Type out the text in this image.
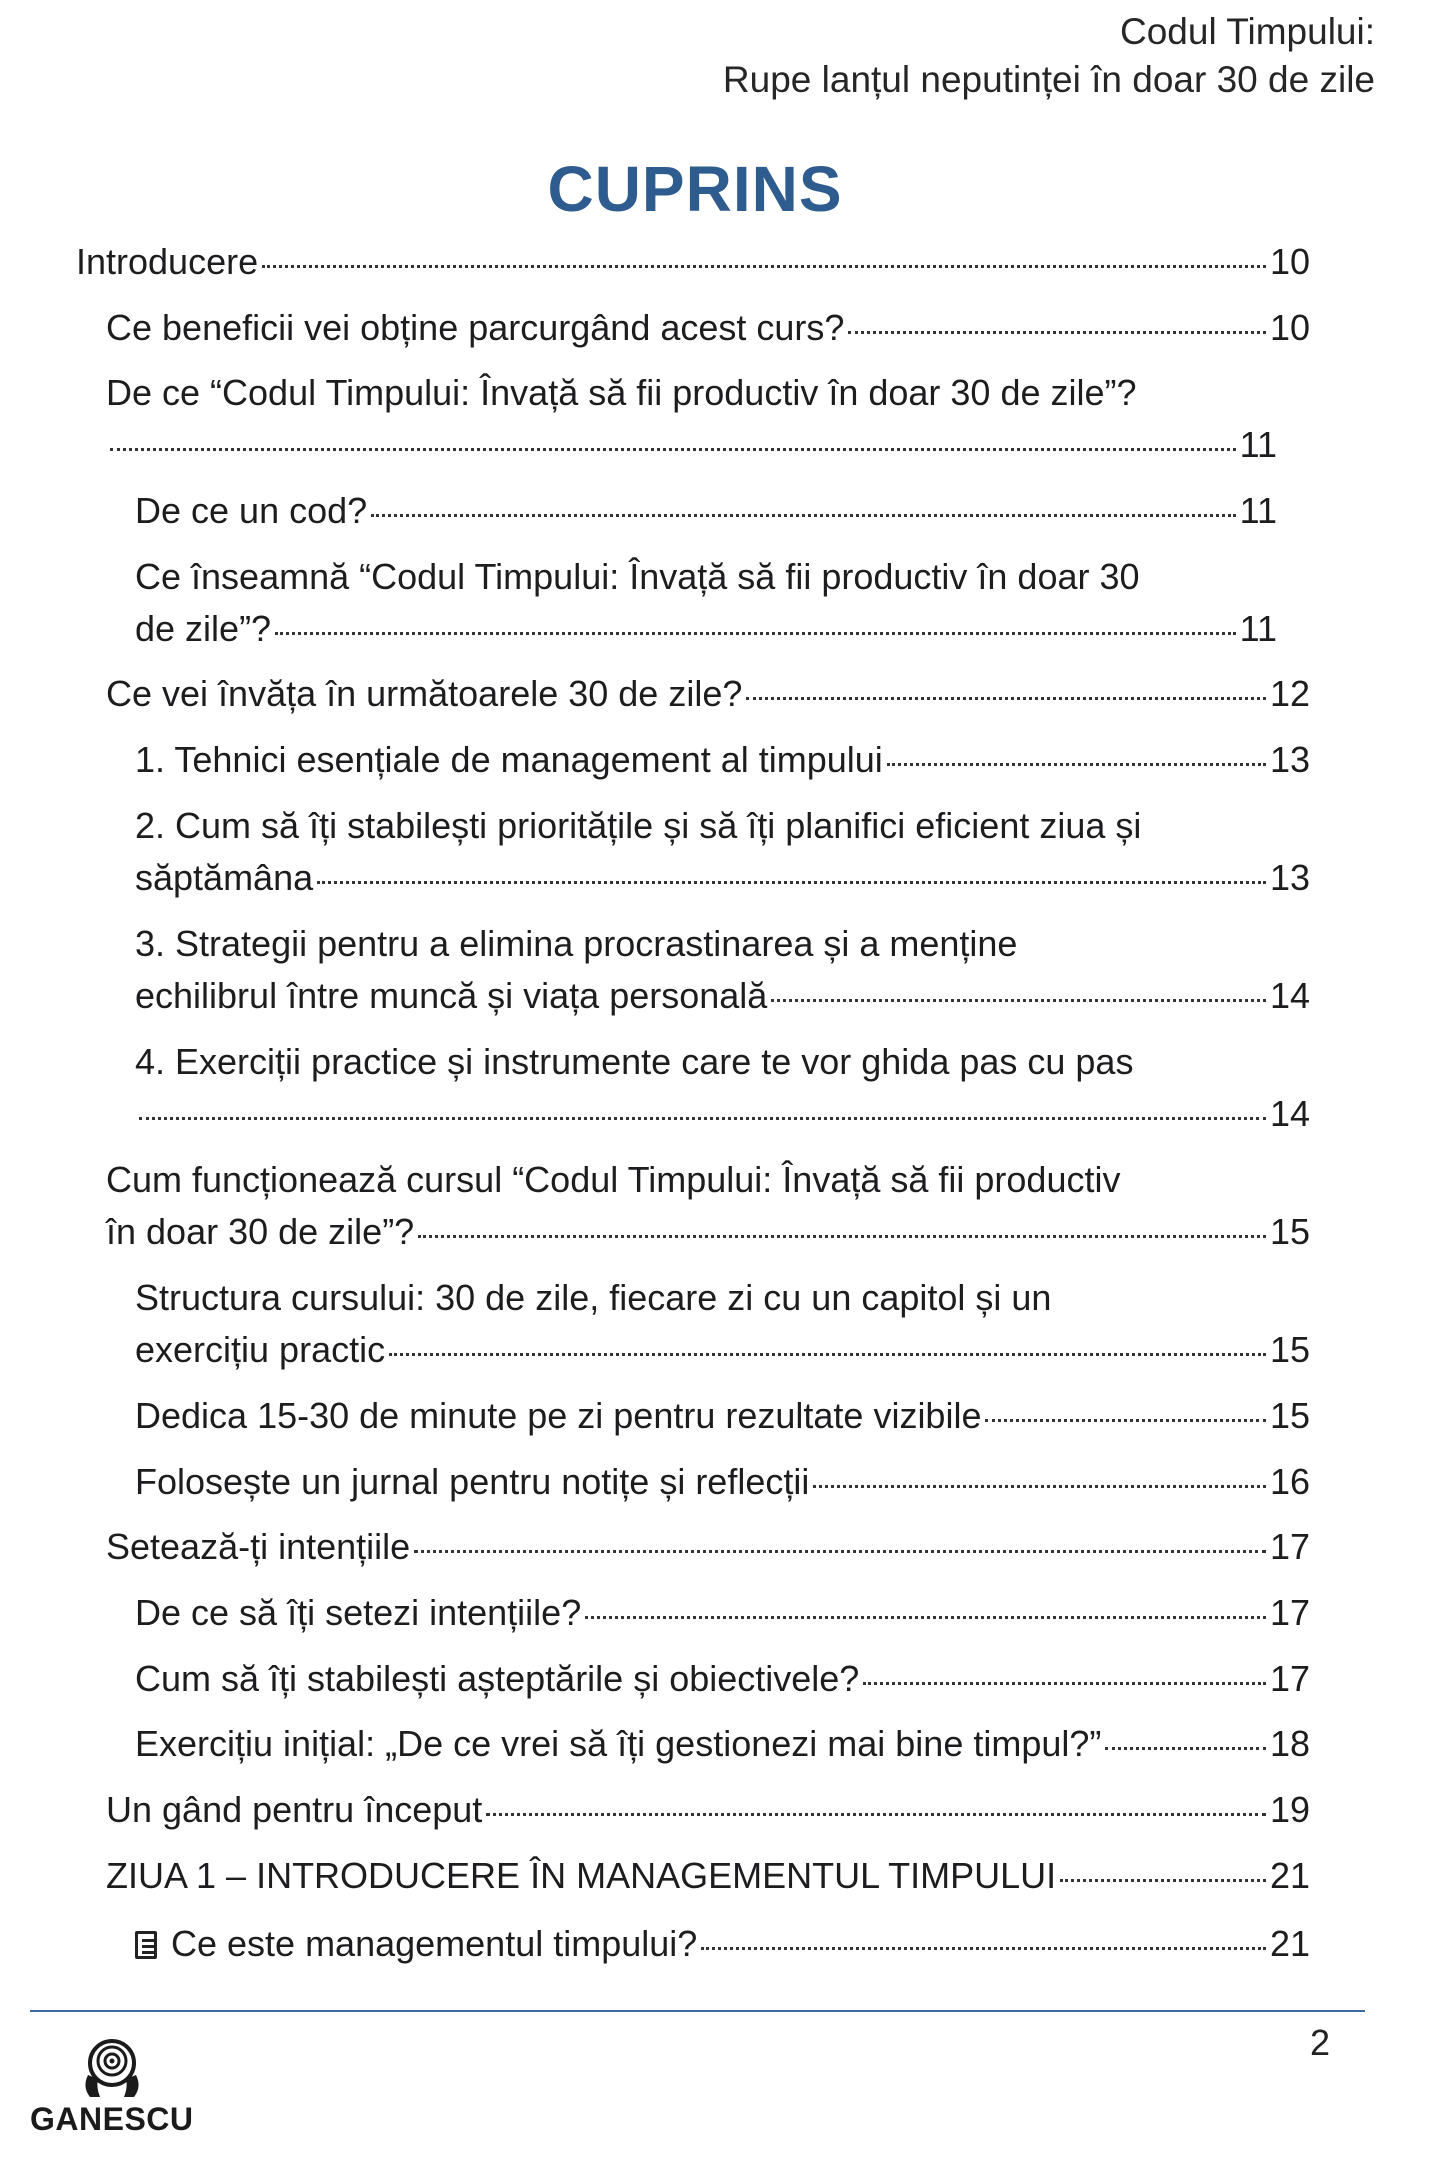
Codul Timpului:
Rupe lanțul neputinței în doar 30 de zile
CUPRINS
Introducere	10
Ce beneficii vei obține parcurgând acest curs?	10
De ce “Codul Timpului: Învață să fii productiv în doar 30 de zile”?
11
De ce un cod?	11
Ce înseamnă “Codul Timpului: Învață să fii productiv în doar 30
de zile”?	11
Ce vei învăța în următoarele 30 de zile?	12
1. Tehnici esențiale de management al timpului	13
2. Cum să îți stabilești prioritățile și să îți planifici eficient ziua și
săptămâna	13
3. Strategii pentru a elimina procrastinarea și a menține
echilibrul între muncă și viața personală	14
4. Exerciții practice și instrumente care te vor ghida pas cu pas
14
Cum funcționează cursul “Codul Timpului: Învață să fii productiv
în doar 30 de zile”?	15
Structura cursului: 30 de zile, fiecare zi cu un capitol și un
exercițiu practic	15
Dedica 15-30 de minute pe zi pentru rezultate vizibile	15
Folosește un jurnal pentru notițe și reflecții	16
Setează-ți intențiile	17
De ce să îți setezi intențiile?	17
Cum să îți stabilești așteptările și obiectivele?	17
Exercițiu inițial: „De ce vrei să îți gestionezi mai bine timpul?”	18
Un gând pentru început	19
ZIUA 1 – INTRODUCERE ÎN MANAGEMENTUL TIMPULUI	21
Ce este managementul timpului?	21
2
GANESCU
